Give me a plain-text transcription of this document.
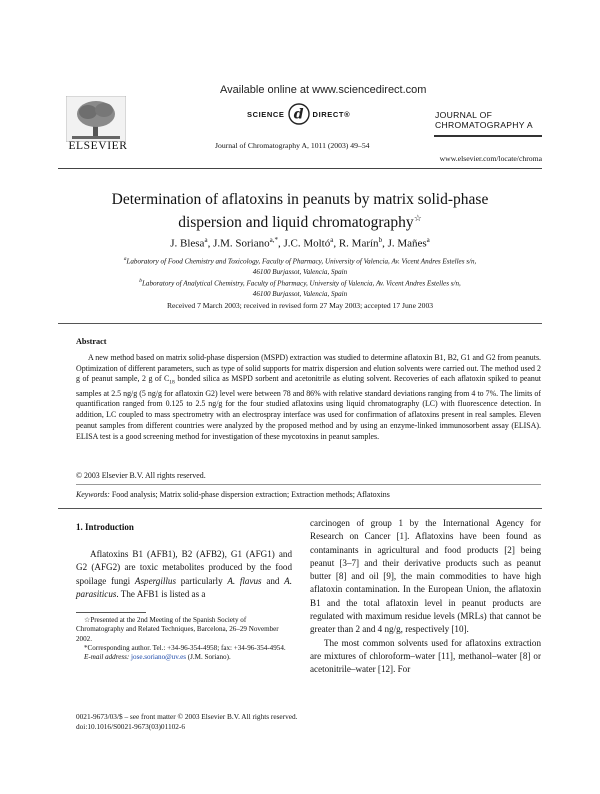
ELSEVIER
Available online at www.sciencedirect.com
SCIENCE d DIRECT®
Journal of Chromatography A, 1011 (2003) 49–54
JOURNAL OF
CHROMATOGRAPHY A
www.elsevier.com/locate/chroma
Determination of aflatoxins in peanuts by matrix solid-phase
dispersion and liquid chromatography☆
J. Blesa$^a$, J.M. Soriano$^{a,*}$, J.C. Moltó$^a$, R. Marín$^b$, J. Mañes$^a$
$^a$Laboratory of Food Chemistry and Toxicology, Faculty of Pharmacy, University of Valencia, Av. Vicent Andres Estelles s/n,
46100 Burjassot, Valencia, Spain
$^b$Laboratory of Analytical Chemistry, Faculty of Pharmacy, University of Valencia, Av. Vicent Andres Estelles s/n,
46100 Burjassot, Valencia, Spain
Received 7 March 2003; received in revised form 27 May 2003; accepted 17 June 2003
Abstract

A new method based on matrix solid-phase dispersion (MSPD) extraction was studied to determine aflatoxin B1, B2, G1 and G2 from peanuts. Optimization of different parameters, such as type of solid supports for matrix dispersion and elution solvents were carried out. The method used 2 g of peanut sample, 2 g of $C_{18}$ bonded silica as MSPD sorbent and acetonitrile as eluting solvent. Recoveries of each aflatoxin spiked to peanut samples at 2.5 ng/g (5 ng/g for aflatoxin G2) level were between 78 and 86% with relative standard deviations ranging from 4 to 7%. The limits of quantification ranged from 0.125 to 2.5 ng/g for the four studied aflatoxins using liquid chromatography (LC) with fluorescence detection. In addition, LC coupled to mass spectrometry with an electrospray interface was used for confirmation of aflatoxins present in real samples. Eleven peanut samples from different countries were analyzed by the proposed method and by using an enzyme-linked immunosorbent assay (ELISA). ELISA test is a good screening method for investigation of these mycotoxins in peanut samples.

© 2003 Elsevier B.V. All rights reserved.
Keywords: Food analysis; Matrix solid-phase dispersion extraction; Extraction methods; Aflatoxins
1. Introduction

Aflatoxins B1 (AFB1), B2 (AFB2), G1 (AFG1) and G2 (AFG2) are toxic metabolites produced by the food spoilage fungi Aspergillus particularly A. flavus and A. parasiticus. The AFB1 is listed as a

carcinogen of group 1 by the International Agency for Research on Cancer [1]. Aflatoxins have been found as contaminants in agricultural and food products [2] being peanut [3–7] and their derivative products such as peanut butter [8] and oil [9], the main commodities to have high aflatoxin contamination. In the European Union, the aflatoxin B1 and the total aflatoxin level in peanut products are regulated with maximum residue levels (MRLs) that cannot be greater than 2 and 4 ng/g, respectively [10].

The most common solvents used for aflatoxins extraction are mixtures of chloroform–water [11], methanol–water [8] or acetonitrile–water [12]. For

☆Presented at the 2nd Meeting of the Spanish Society of Chromatography and Related Techniques, Barcelona, 26–29 November 2002.

*Corresponding author. Tel.: +34-96-354-4958; fax: +34-96-354-4954.

E-mail address: jose.soriano@uv.es (J.M. Soriano).

0021-9673/03/$ – see front matter © 2003 Elsevier B.V. All rights reserved.
doi:10.1016/S0021-9673(03)01102-6
